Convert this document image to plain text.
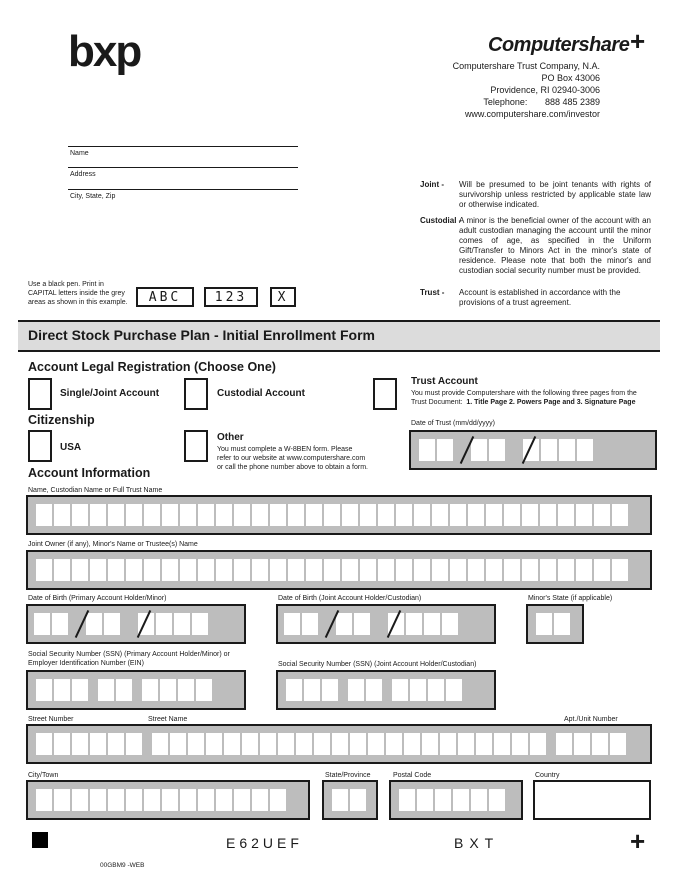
bxp	Computershare +
Computershare Trust Company, N.A.
PO Box 43006
Providence, RI 02940-3006
Telephone: 888 485 2389
www.computershare.com/investor
Name
Address
City, State, Zip
Joint - Will be presumed to be joint tenants with rights of survivorship unless restricted by applicable state law or otherwise indicated.
Custodial -
A minor is the beneficial owner of the account with an adult custodian managing the account until the minor comes of age, as specified in the Uniform Gift/Transfer to Minors Act in the minor's state of residence. Please note that both the minor's and custodian social security number must be provided.
Trust - Account is established in accordance with the provisions of a trust agreement.
Use a black pen. Print in
CAPITAL letters inside the grey
areas as shown in this example.	ABC	123	X
Direct Stock Purchase Plan - Initial Enrollment Form
Account Legal Registration (Choose One)
Single/Joint Account	Custodial Account
Trust Account
You must provide Computershare with the following three pages from the
Trust Document: 1. Title Page 2. Powers Page and 3. Signature Page
Date of Trust (mm/dd/yyyy)
Citizenship
USA
Other
You must complete a W-8BEN form. Please
refer to our website at www.computershare.com
or call the phone number above to obtain a form.
Account Information
Name, Custodian Name or Full Trust Name
Joint Owner (if any), Minor's Name or Trustee(s) Name
Date of Birth (Primary Account Holder/Minor)	Date of Birth (Joint Account Holder/Custodian)	Minor's State (if applicable)
Social Security Number (SSN) (Primary Account Holder/Minor) or
Employer Identification Number (EIN)	Social Security Number (SSN) (Joint Account Holder/Custodian)
Street Number	Street Name	Apt./Unit Number
City/Town	State/Province	Postal Code	Country
E62UEF	BXT	+
00GBM9 -WEB
